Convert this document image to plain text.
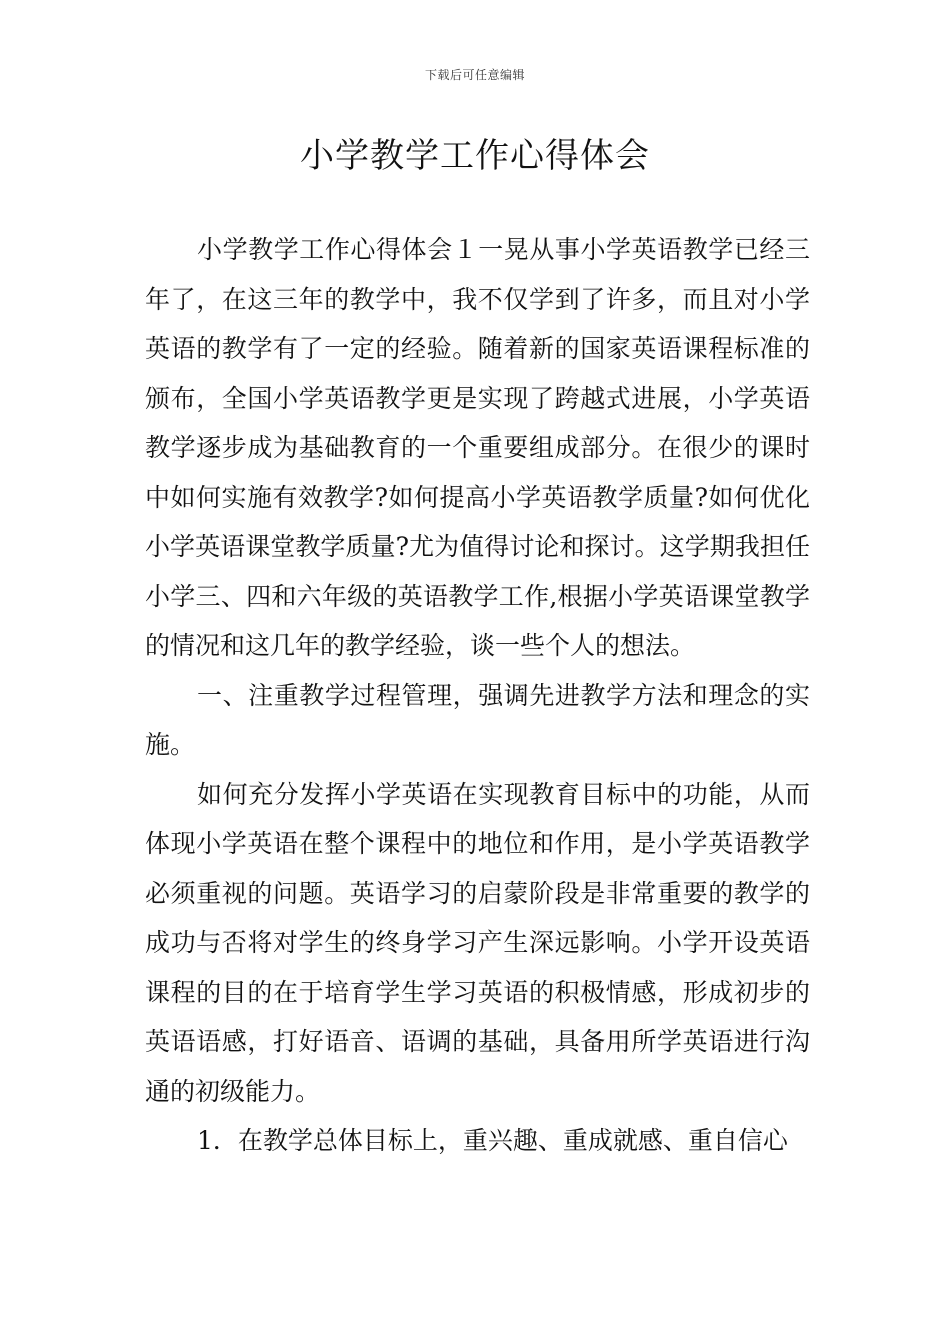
下载后可任意编辑
小学教学工作心得体会

小学教学工作心得体会１一晃从事小学英语教学已经三年了，在这三年的教学中，我不仅学到了许多，而且对小学英语的教学有了一定的经验。随着新的国家英语课程标准的颁布，全国小学英语教学更是实现了跨越式进展，小学英语教学逐步成为基础教育的一个重要组成部分。在很少的课时中如何实施有效教学?如何提高小学英语教学质量?如何优化小学英语课堂教学质量?尤为值得讨论和探讨。这学期我担任小学三、四和六年级的英语教学工作,根据小学英语课堂教学的情况和这几年的教学经验，谈一些个人的想法。

一、注重教学过程管理，强调先进教学方法和理念的实施。

如何充分发挥小学英语在实现教育目标中的功能，从而体现小学英语在整个课程中的地位和作用，是小学英语教学必须重视的问题。英语学习的启蒙阶段是非常重要的教学的成功与否将对学生的终身学习产生深远影响。小学开设英语课程的目的在于培育学生学习英语的积极情感，形成初步的英语语感，打好语音、语调的基础，具备用所学英语进行沟通的初级能力。

1．在教学总体目标上，重兴趣、重成就感、重自信心
